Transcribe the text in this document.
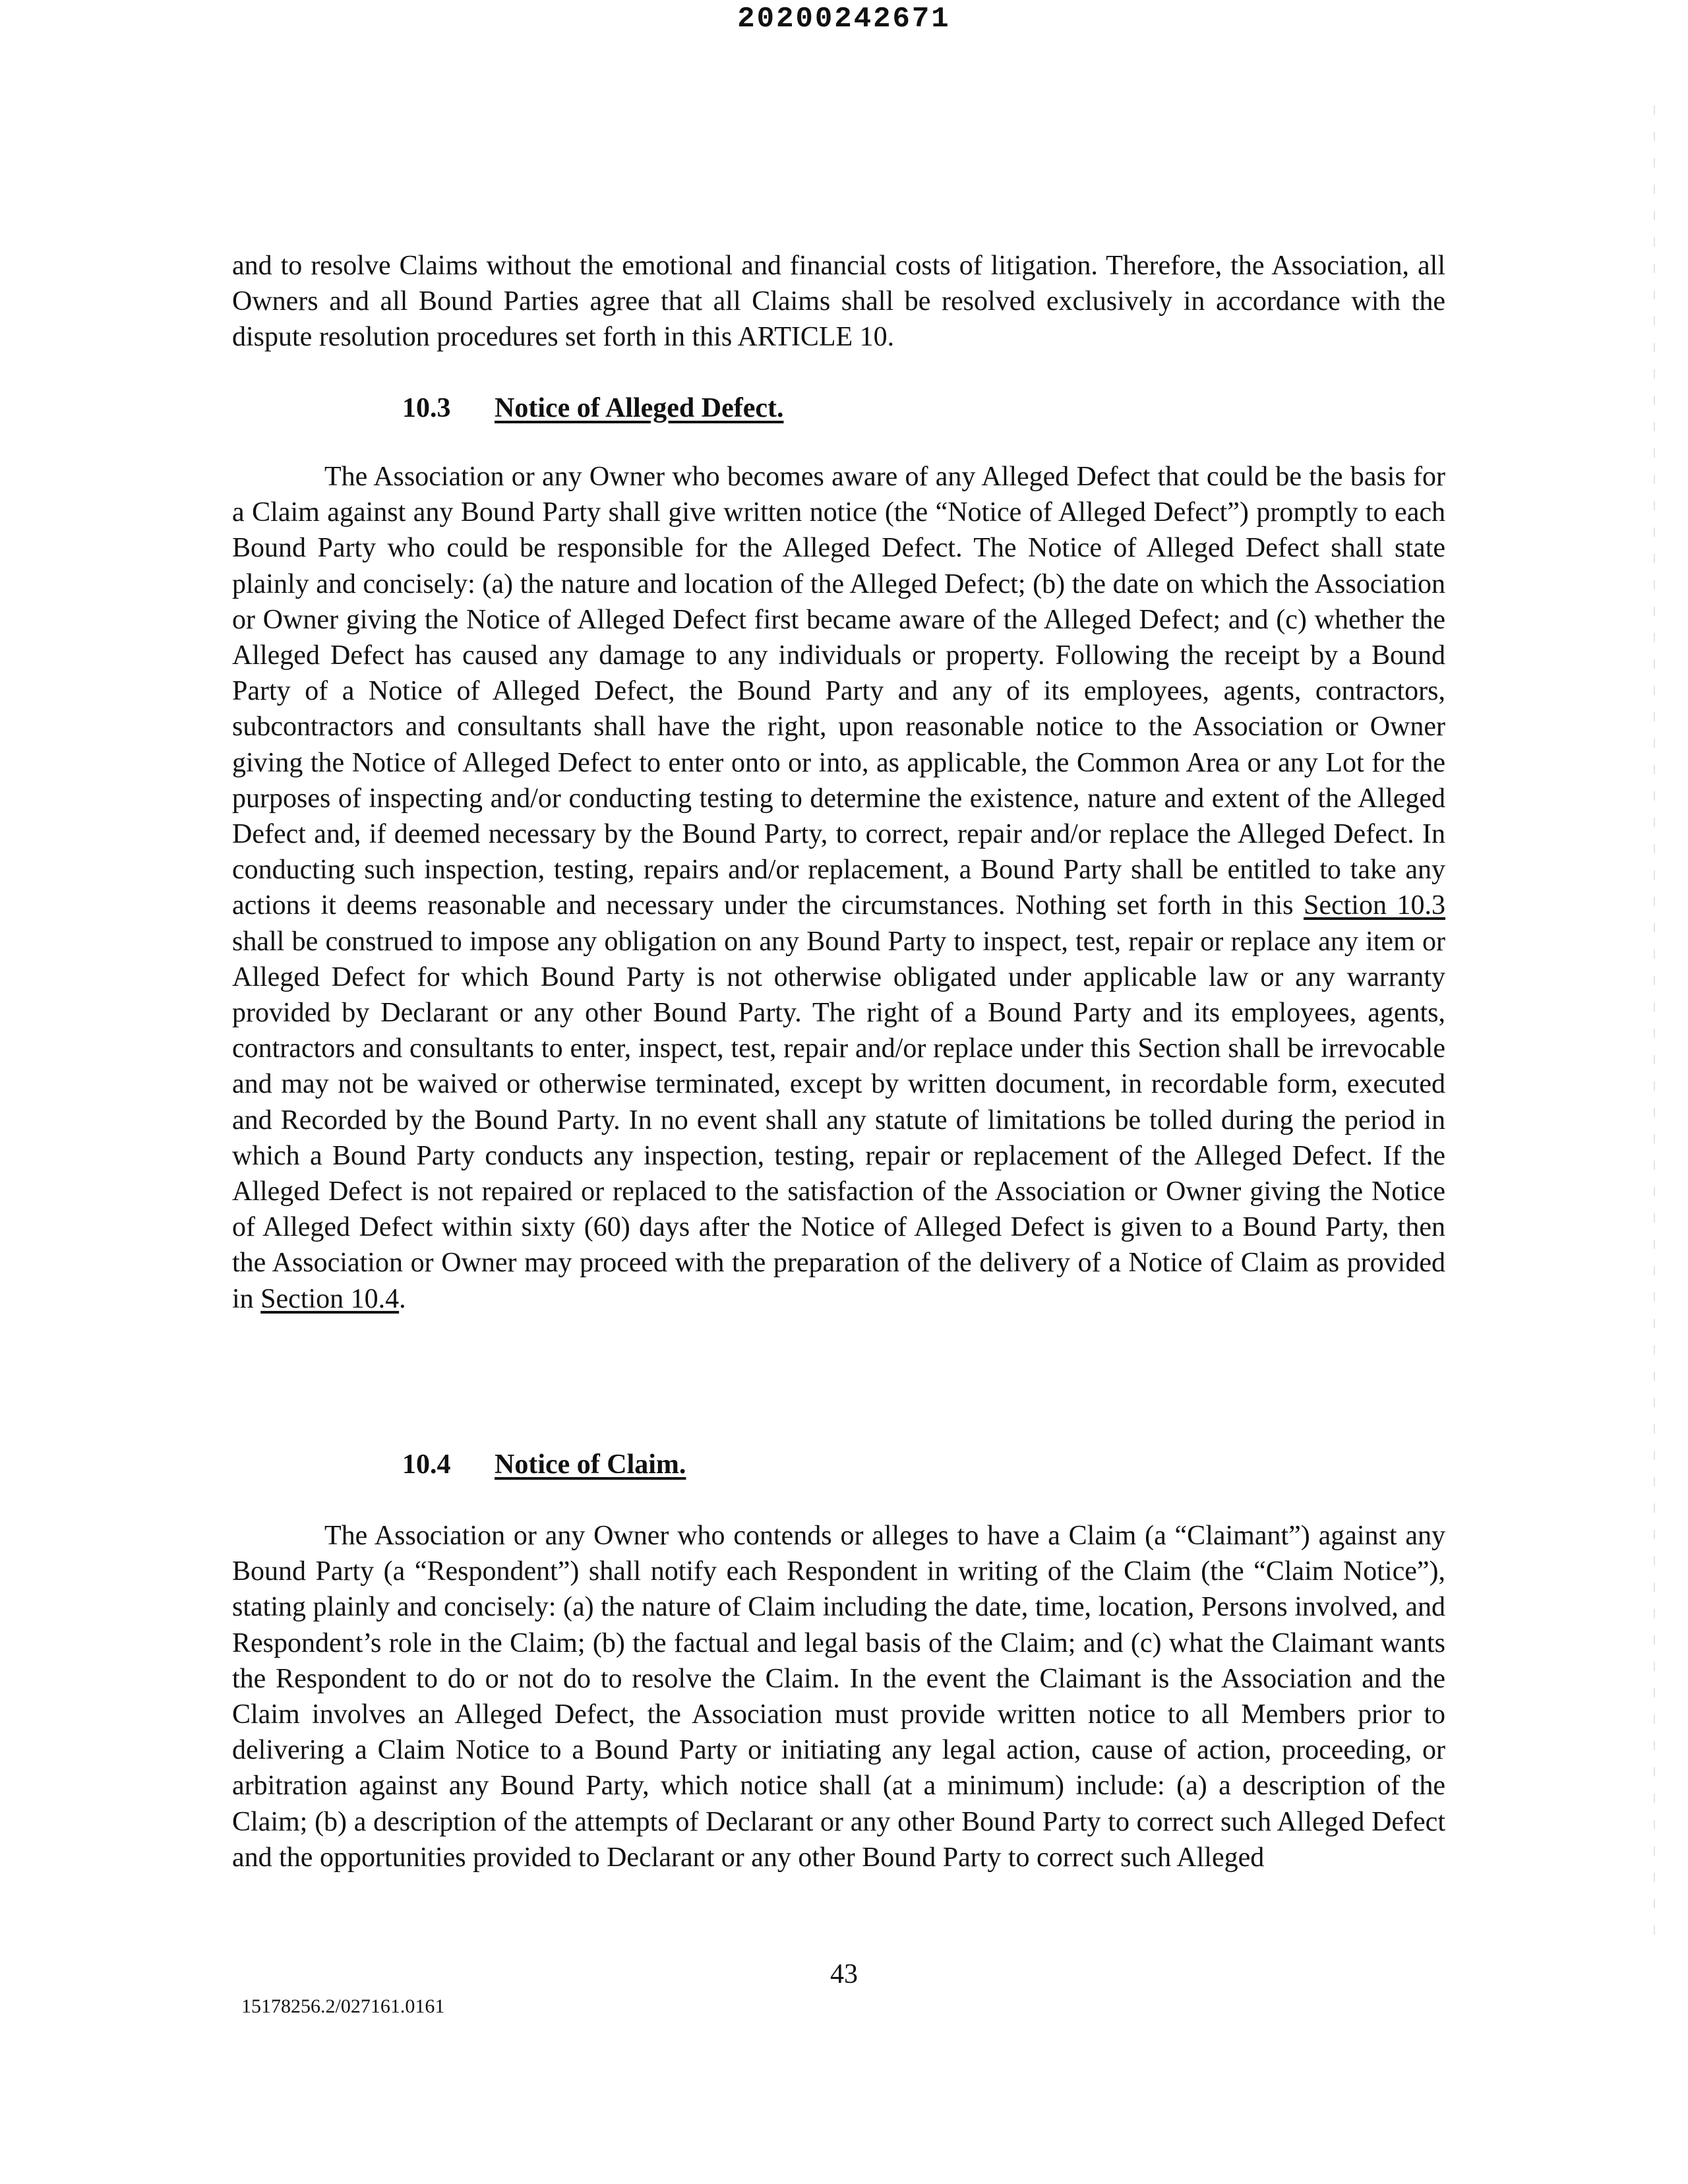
20200242671

and to resolve Claims without the emotional and financial costs of litigation. Therefore, the Association, all Owners and all Bound Parties agree that all Claims shall be resolved exclusively in accordance with the dispute resolution procedures set forth in this ARTICLE 10.

10.3 Notice of Alleged Defect.

The Association or any Owner who becomes aware of any Alleged Defect that could be the basis for a Claim against any Bound Party shall give written notice (the “Notice of Alleged Defect”) promptly to each Bound Party who could be responsible for the Alleged Defect. The Notice of Alleged Defect shall state plainly and concisely: (a) the nature and location of the Alleged Defect; (b) the date on which the Association or Owner giving the Notice of Alleged Defect first became aware of the Alleged Defect; and (c) whether the Alleged Defect has caused any damage to any individuals or property. Following the receipt by a Bound Party of a Notice of Alleged Defect, the Bound Party and any of its employees, agents, contractors, subcontractors and consultants shall have the right, upon reasonable notice to the Association or Owner giving the Notice of Alleged Defect to enter onto or into, as applicable, the Common Area or any Lot for the purposes of inspecting and/or conducting testing to determine the existence, nature and extent of the Alleged Defect and, if deemed necessary by the Bound Party, to correct, repair and/or replace the Alleged Defect. In conducting such inspection, testing, repairs and/or replacement, a Bound Party shall be entitled to take any actions it deems reasonable and necessary under the circumstances. Nothing set forth in this Section 10.3 shall be construed to impose any obligation on any Bound Party to inspect, test, repair or replace any item or Alleged Defect for which Bound Party is not otherwise obligated under applicable law or any warranty provided by Declarant or any other Bound Party. The right of a Bound Party and its employees, agents, contractors and consultants to enter, inspect, test, repair and/or replace under this Section shall be irrevocable and may not be waived or otherwise terminated, except by written document, in recordable form, executed and Recorded by the Bound Party. In no event shall any statute of limitations be tolled during the period in which a Bound Party conducts any inspection, testing, repair or replacement of the Alleged Defect. If the Alleged Defect is not repaired or replaced to the satisfaction of the Association or Owner giving the Notice of Alleged Defect within sixty (60) days after the Notice of Alleged Defect is given to a Bound Party, then the Association or Owner may proceed with the preparation of the delivery of a Notice of Claim as provided in Section 10.4.

10.4 Notice of Claim.

The Association or any Owner who contends or alleges to have a Claim (a “Claimant”) against any Bound Party (a “Respondent”) shall notify each Respondent in writing of the Claim (the “Claim Notice”), stating plainly and concisely: (a) the nature of Claim including the date, time, location, Persons involved, and Respondent’s role in the Claim; (b) the factual and legal basis of the Claim; and (c) what the Claimant wants the Respondent to do or not do to resolve the Claim. In the event the Claimant is the Association and the Claim involves an Alleged Defect, the Association must provide written notice to all Members prior to delivering a Claim Notice to a Bound Party or initiating any legal action, cause of action, proceeding, or arbitration against any Bound Party, which notice shall (at a minimum) include: (a) a description of the Claim; (b) a description of the attempts of Declarant or any other Bound Party to correct such Alleged Defect and the opportunities provided to Declarant or any other Bound Party to correct such Alleged

43
15178256.2/027161.0161
